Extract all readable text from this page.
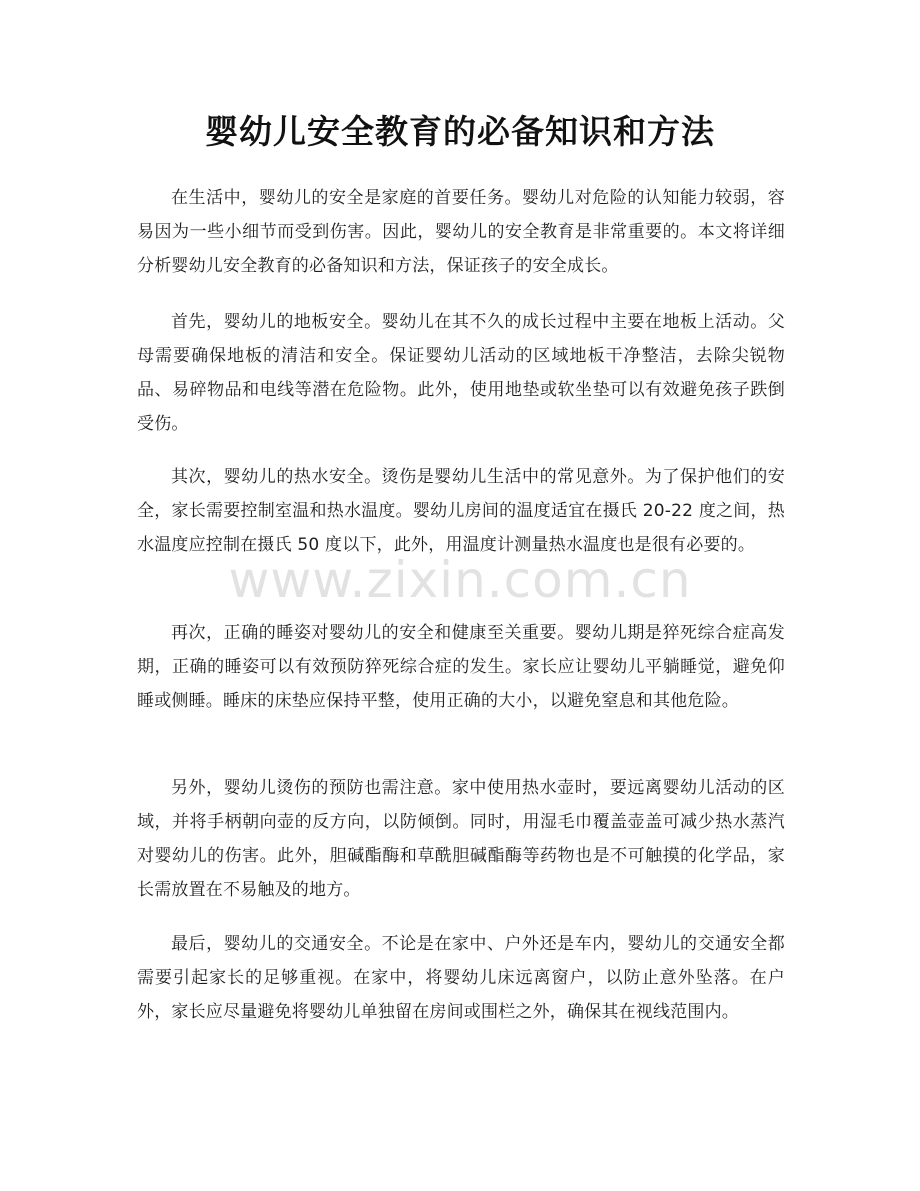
婴幼儿安全教育的必备知识和方法

在生活中，婴幼儿的安全是家庭的首要任务。婴幼儿对危险的认知能力较弱，容易因为一些小细节而受到伤害。因此，婴幼儿的安全教育是非常重要的。本文将详细分析婴幼儿安全教育的必备知识和方法，保证孩子的安全成长。

首先，婴幼儿的地板安全。婴幼儿在其不久的成长过程中主要在地板上活动。父母需要确保地板的清洁和安全。保证婴幼儿活动的区域地板干净整洁，去除尖锐物品、易碎物品和电线等潜在危险物。此外，使用地垫或软坐垫可以有效避免孩子跌倒受伤。

其次，婴幼儿的热水安全。烫伤是婴幼儿生活中的常见意外。为了保护他们的安全，家长需要控制室温和热水温度。婴幼儿房间的温度适宜在摄氏 20-22 度之间，热水温度应控制在摄氏 50 度以下，此外，用温度计测量热水温度也是很有必要的。

再次，正确的睡姿对婴幼儿的安全和健康至关重要。婴幼儿期是猝死综合症高发期，正确的睡姿可以有效预防猝死综合症的发生。家长应让婴幼儿平躺睡觉，避免仰睡或侧睡。睡床的床垫应保持平整，使用正确的大小，以避免窒息和其他危险。

另外，婴幼儿烫伤的预防也需注意。家中使用热水壶时，要远离婴幼儿活动的区域，并将手柄朝向壶的反方向，以防倾倒。同时，用湿毛巾覆盖壶盖可减少热水蒸汽对婴幼儿的伤害。此外，胆碱酯酶和草酰胆碱酯酶等药物也是不可触摸的化学品，家长需放置在不易触及的地方。

最后，婴幼儿的交通安全。不论是在家中、户外还是车内，婴幼儿的交通安全都需要引起家长的足够重视。在家中，将婴幼儿床远离窗户，以防止意外坠落。在户外，家长应尽量避免将婴幼儿单独留在房间或围栏之外，确保其在视线范围内。

www.zixin.com.cn
